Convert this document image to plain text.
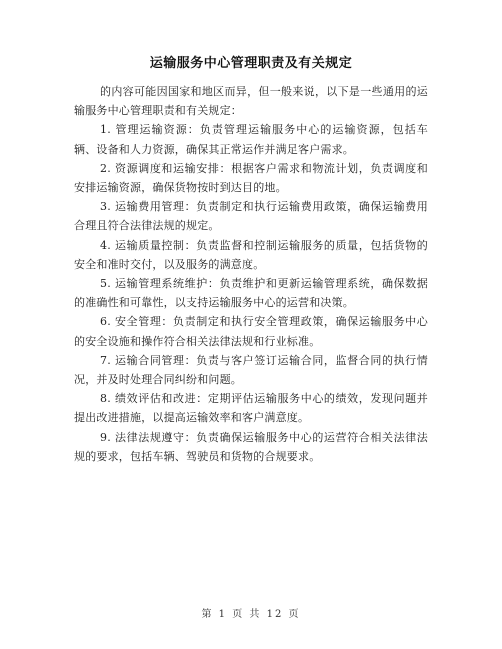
运输服务中心管理职责及有关规定

的内容可能因国家和地区而异，但一般来说，以下是一些通用的运输服务中心管理职责和有关规定：

1. 管理运输资源：负责管理运输服务中心的运输资源，包括车辆、设备和人力资源，确保其正常运作并满足客户需求。

2. 资源调度和运输安排：根据客户需求和物流计划，负责调度和安排运输资源，确保货物按时到达目的地。

3. 运输费用管理：负责制定和执行运输费用政策，确保运输费用合理且符合法律法规的规定。

4. 运输质量控制：负责监督和控制运输服务的质量，包括货物的安全和准时交付，以及服务的满意度。

5. 运输管理系统维护：负责维护和更新运输管理系统，确保数据的准确性和可靠性，以支持运输服务中心的运营和决策。

6. 安全管理：负责制定和执行安全管理政策，确保运输服务中心的安全设施和操作符合相关法律法规和行业标准。

7. 运输合同管理：负责与客户签订运输合同，监督合同的执行情况，并及时处理合同纠纷和问题。

8. 绩效评估和改进：定期评估运输服务中心的绩效，发现问题并提出改进措施，以提高运输效率和客户满意度。

9. 法律法规遵守：负责确保运输服务中心的运营符合相关法律法规的要求，包括车辆、驾驶员和货物的合规要求。

第 1 页 共 12 页
